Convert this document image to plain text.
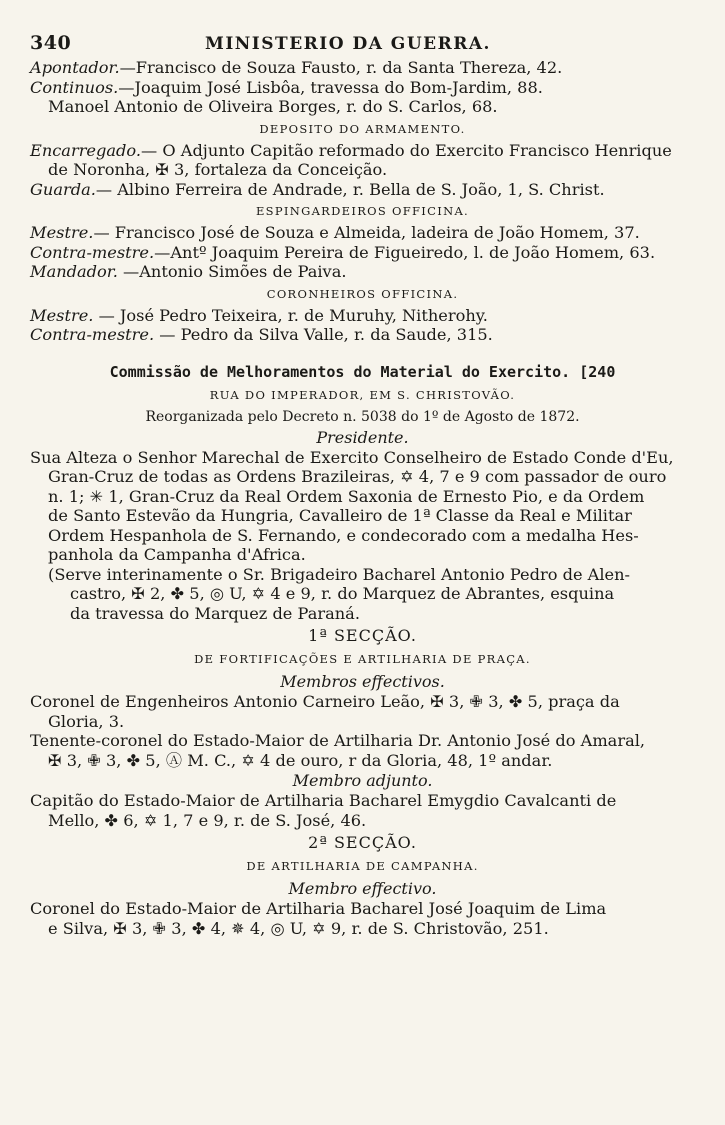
340	MINISTERIO DA GUERRA.
Apontador.—Francisco de Souza Fausto, r. da Santa Thereza, 42.
Continuos.—Joaquim José Lisbôa, travessa do Bom-Jardim, 88.
Manoel Antonio de Oliveira Borges, r. do S. Carlos, 68.
DEPOSITO DO ARMAMENTO.
Encarregado.— O Adjunto Capitão reformado do Exercito Francisco Henrique
de Noronha, ✠ 3, fortaleza da Conceição.
Guarda.— Albino Ferreira de Andrade, r. Bella de S. João, 1, S. Christ.
ESPINGARDEIROS OFFICINA.
Mestre.— Francisco José de Souza e Almeida, ladeira de João Homem, 37.
Contra-mestre.—Antº Joaquim Pereira de Figueiredo, l. de João Homem, 63.
Mandador. —Antonio Simões de Paiva.
CORONHEIROS OFFICINA.
Mestre. — José Pedro Teixeira, r. de Muruhy, Nitherohy.
Contra-mestre. — Pedro da Silva Valle, r. da Saude, 315.
Commissão de Melhoramentos do Material do Exercito. [240
RUA DO IMPERADOR, EM S. CHRISTOVÃO.
Reorganizada pelo Decreto n. 5038 do 1º de Agosto de 1872.
Presidente.
Sua Alteza o Senhor Marechal de Exercito Conselheiro de Estado Conde d'Eu,
Gran-Cruz de todas as Ordens Brazileiras, ✡ 4, 7 e 9 com passador de ouro
n. 1; ✳ 1, Gran-Cruz da Real Ordem Saxonia de Ernesto Pio, e da Ordem
de Santo Estevão da Hungria, Cavalleiro de 1ª Classe da Real e Militar
Ordem Hespanhola de S. Fernando, e condecorado com a medalha Hes-
panhola da Campanha d'Africa.
(Serve interinamente o Sr. Brigadeiro Bacharel Antonio Pedro de Alen-
castro, ✠ 2, ✤ 5, ◎ U, ✡ 4 e 9, r. do Marquez de Abrantes, esquina
da travessa do Marquez de Paraná.
1ª SECÇÃO.
DE FORTIFICAÇÕES E ARTILHARIA DE PRAÇA.
Membros effectivos.
Coronel de Engenheiros Antonio Carneiro Leão, ✠ 3, ✙ 3, ✤ 5, praça da
Gloria, 3.
Tenente-coronel do Estado-Maior de Artilharia Dr. Antonio José do Amaral,
✠ 3, ✙ 3, ✤ 5, Ⓐ M. C., ✡ 4 de ouro, r da Gloria, 48, 1º andar.
Membro adjunto.
Capitão do Estado-Maior de Artilharia Bacharel Emygdio Cavalcanti de
Mello, ✤ 6, ✡ 1, 7 e 9, r. de S. José, 46.
2ª SECÇÃO.
DE ARTILHARIA DE CAMPANHA.
Membro effectivo.
Coronel do Estado-Maior de Artilharia Bacharel José Joaquim de Lima
e Silva, ✠ 3, ✙ 3, ✤ 4, ✵ 4, ◎ U, ✡ 9, r. de S. Christovão, 251.
